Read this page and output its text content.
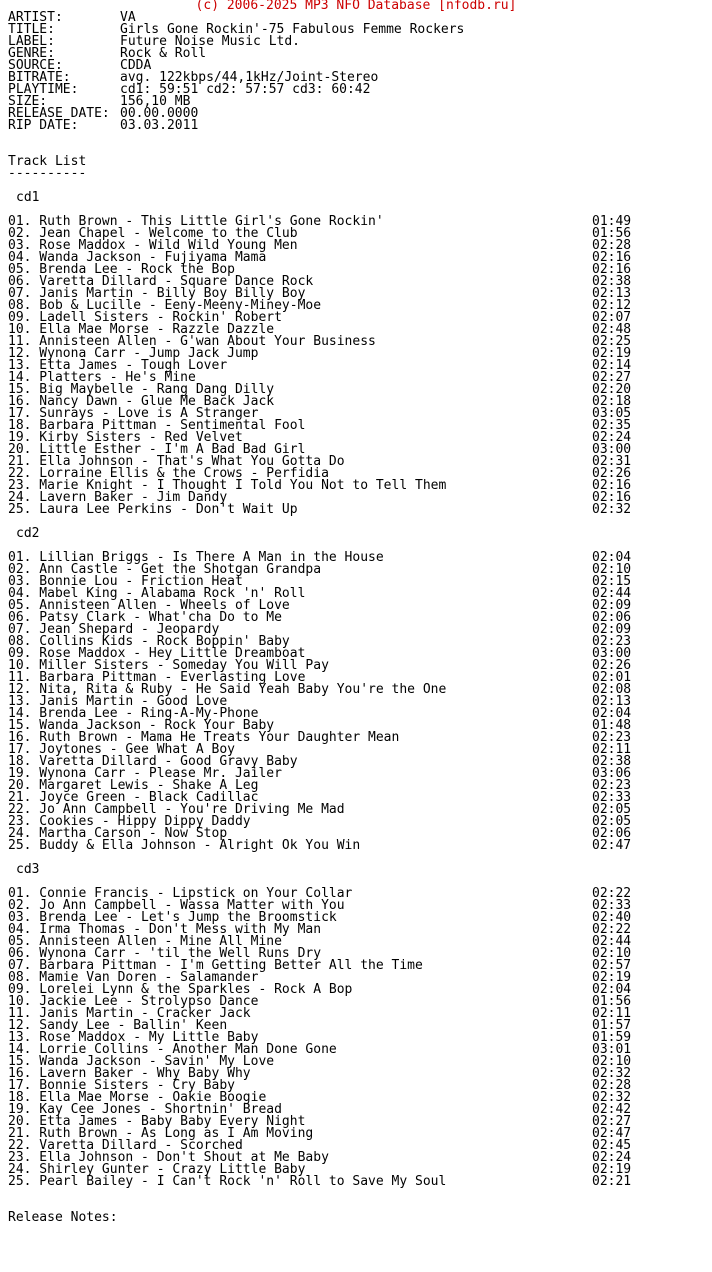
(c) 2006-2025 MP3 NFO Database [nfodb.ru]
ARTIST:	VA
TITLE:	Girls Gone Rockin'-75 Fabulous Femme Rockers
LABEL:	Future Noise Music Ltd.
GENRE:	Rock & Roll
SOURCE:	CDDA
BITRATE:	avg. 122kbps/44,1kHz/Joint-Stereo
PLAYTIME:	cd1: 59:51 cd2: 57:57 cd3: 60:42
SIZE:	156,10 MB
RELEASE DATE: 00.00.0000
RIP DATE:	03.03.2011
Track List
----------
cd1
01. Ruth Brown - This Little Girl's Gone Rockin'	01:49
02. Jean Chapel - Welcome to the Club	01:56
03. Rose Maddox - Wild Wild Young Men	02:28
04. Wanda Jackson - Fujiyama Mama	02:16
05. Brenda Lee - Rock the Bop	02:16
06. Varetta Dillard - Square Dance Rock	02:38
07. Janis Martin - Billy Boy Billy Boy	02:13
08. Bob & Lucille - Eeny-Meeny-Miney-Moe	02:12
09. Ladell Sisters - Rockin' Robert	02:07
10. Ella Mae Morse - Razzle Dazzle	02:48
11. Annisteen Allen - G'wan About Your Business	02:25
12. Wynona Carr - Jump Jack Jump	02:19
13. Etta James - Tough Lover	02:14
14. Platters - He's Mine	02:27
15. Big Maybelle - Rang Dang Dilly	02:20
16. Nancy Dawn - Glue Me Back Jack	02:18
17. Sunrays - Love is A Stranger	03:05
18. Barbara Pittman - Sentimental Fool	02:35
19. Kirby Sisters - Red Velvet	02:24
20. Little Esther - I'm A Bad Bad Girl	03:00
21. Ella Johnson - That's What You Gotta Do	02:31
22. Lorraine Ellis & the Crows - Perfidia	02:26
23. Marie Knight - I Thought I Told You Not to Tell Them	02:16
24. Lavern Baker - Jim Dandy	02:16
25. Laura Lee Perkins - Don't Wait Up	02:32
cd2
01. Lillian Briggs - Is There A Man in the House	02:04
02. Ann Castle - Get the Shotgan Grandpa	02:10
03. Bonnie Lou - Friction Heat	02:15
04. Mabel King - Alabama Rock 'n' Roll	02:44
05. Annisteen Allen - Wheels of Love	02:09
06. Patsy Clark - What'cha Do to Me	02:06
07. Jean Shepard - Jeopardy	02:09
08. Collins Kids - Rock Boppin' Baby	02:23
09. Rose Maddox - Hey Little Dreamboat	03:00
10. Miller Sisters - Someday You Will Pay	02:26
11. Barbara Pittman - Everlasting Love	02:01
12. Nita, Rita & Ruby - He Said Yeah Baby You're the One	02:08
13. Janis Martin - Good Love	02:13
14. Brenda Lee - Ring-A-My-Phone	02:04
15. Wanda Jackson - Rock Your Baby	01:48
16. Ruth Brown - Mama He Treats Your Daughter Mean	02:23
17. Joytones - Gee What A Boy	02:11
18. Varetta Dillard - Good Gravy Baby	02:38
19. Wynona Carr - Please Mr. Jailer	03:06
20. Margaret Lewis - Shake A Leg	02:23
21. Joyce Green - Black Cadillac	02:33
22. Jo Ann Campbell - You're Driving Me Mad	02:05
23. Cookies - Hippy Dippy Daddy	02:05
24. Martha Carson - Now Stop	02:06
25. Buddy & Ella Johnson - Alright Ok You Win	02:47
cd3
01. Connie Francis - Lipstick on Your Collar	02:22
02. Jo Ann Campbell - Wassa Matter with You	02:33
03. Brenda Lee - Let's Jump the Broomstick	02:40
04. Irma Thomas - Don't Mess with My Man	02:22
05. Annisteen Allen - Mine All Mine	02:44
06. Wynona Carr - 'til the Well Runs Dry	02:10
07. Barbara Pittman - I'm Getting Better All the Time	02:57
08. Mamie Van Doren - Salamander	02:19
09. Lorelei Lynn & the Sparkles - Rock A Bop	02:04
10. Jackie Lee - Strolypso Dance	01:56
11. Janis Martin - Cracker Jack	02:11
12. Sandy Lee - Ballin' Keen	01:57
13. Rose Maddox - My Little Baby	01:59
14. Lorrie Collins - Another Man Done Gone	03:01
15. Wanda Jackson - Savin' My Love	02:10
16. Lavern Baker - Why Baby Why	02:32
17. Bonnie Sisters - Cry Baby	02:28
18. Ella Mae Morse - Oakie Boogie	02:32
19. Kay Cee Jones - Shortnin' Bread	02:42
20. Etta James - Baby Baby Every Night	02:27
21. Ruth Brown - As Long as I Am Moving	02:47
22. Varetta Dillard - Scorched	02:45
23. Ella Johnson - Don't Shout at Me Baby	02:24
24. Shirley Gunter - Crazy Little Baby	02:19
25. Pearl Bailey - I Can't Rock 'n' Roll to Save My Soul	02:21
Release Notes:
